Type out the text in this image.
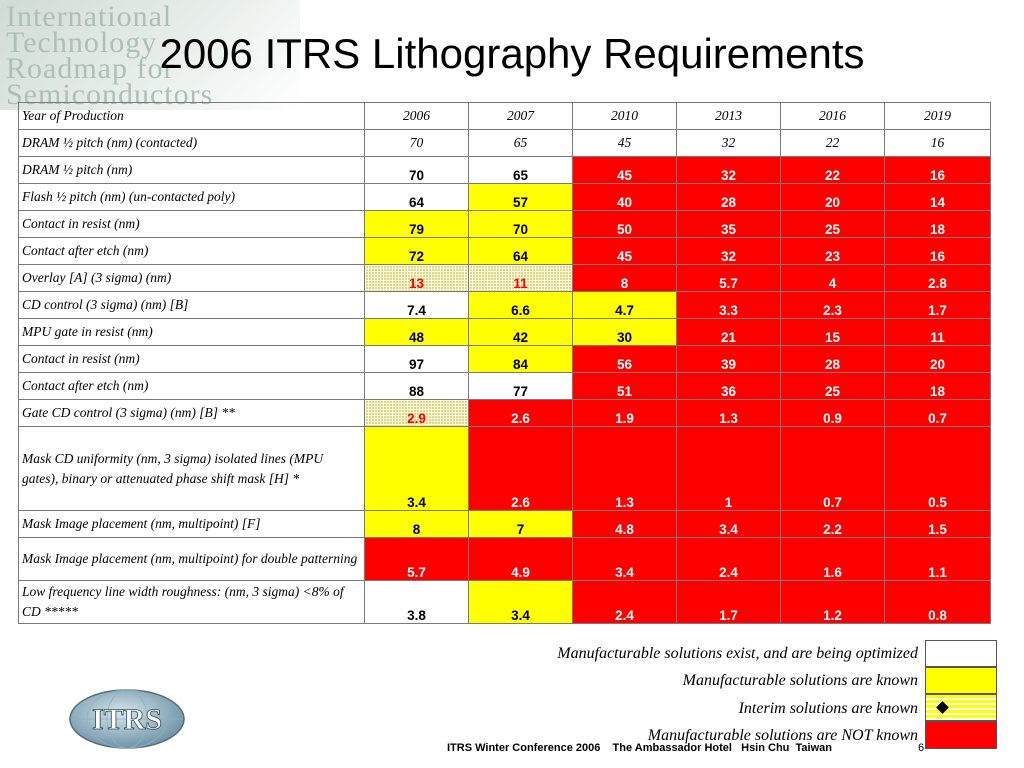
International
Technology
Roadmap for
Semiconductors
2006 ITRS Lithography Requirements
Year of Production	2006	2007	2010	2013	2016	2019
DRAM ½ pitch (nm) (contacted)	70	65	45	32	22	16
DRAM ½ pitch (nm)	70	65	45	32	22	16
Flash ½ pitch (nm) (un-contacted poly)	64	57	40	28	20	14
Contact in resist (nm)	79	70	50	35	25	18
Contact after etch (nm)	72	64	45	32	23	16
Overlay [A] (3 sigma) (nm)	13	11	8	5.7	4	2.8
CD control (3 sigma) (nm) [B]	7.4	6.6	4.7	3.3	2.3	1.7
MPU gate in resist (nm)	48	42	30	21	15	11
Contact in resist (nm)	97	84	56	39	28	20
Contact after etch (nm)	88	77	51	36	25	18
Gate CD control (3 sigma) (nm) [B] **	2.9	2.6	1.9	1.3	0.9	0.7
Mask CD uniformity (nm, 3 sigma) isolated lines (MPU gates), binary or attenuated phase shift mask [H] *	3.4	2.6	1.3	1	0.7	0.5
Mask Image placement (nm, multipoint) [F]	8	7	4.8	3.4	2.2	1.5
Mask Image placement (nm, multipoint) for double patterning	5.7	4.9	3.4	2.4	1.6	1.1
Low frequency line width roughness: (nm, 3 sigma) <8% of CD *****	3.8	3.4	2.4	1.7	1.2	0.8
Manufacturable solutions exist, and are being optimized
Manufacturable solutions are known
Interim solutions are known
Manufacturable solutions are NOT known
ITRS
ITRS Winter Conference 2006    The Ambassador Hotel   Hsin Chu  Taiwan	6
